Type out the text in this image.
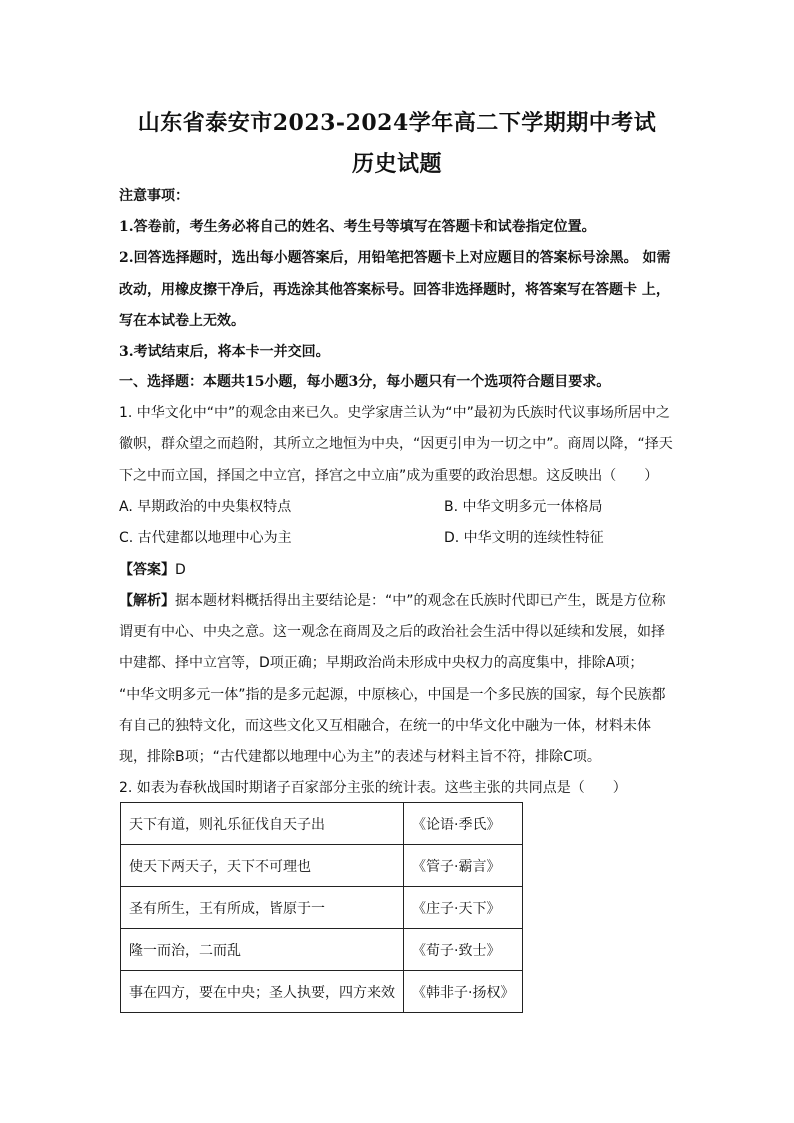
山东省泰安市2023-2024学年高二下学期期中考试
历史试题
注意事项：
1.答卷前，考生务必将自己的姓名、考生号等填写在答题卡和试卷指定位置。
2.回答选择题时，选出每小题答案后，用铅笔把答题卡上对应题目的答案标号涂黑。 如需
改动，用橡皮擦干净后，再选涂其他答案标号。回答非选择题时，将答案写在答题卡 上，
写在本试卷上无效。
3.考试结束后，将本卡一并交回。
一、选择题：本题共15小题，每小题3分，每小题只有一个选项符合题目要求。
1. 中华文化中“中”的观念由来已久。史学家唐兰认为“中”最初为氏族时代议事场所居中之
徽帜，群众望之而趋附，其所立之地恒为中央，“因更引申为一切之中”。商周以降，“择天
下之中而立国，择国之中立宫，择宫之中立庙”成为重要的政治思想。这反映出（　　）
A. 早期政治的中央集权特点	B. 中华文明多元一体格局
C. 古代建都以地理中心为主	D. 中华文明的连续性特征
【答案】D
【解析】据本题材料概括得出主要结论是：“中”的观念在氏族时代即已产生，既是方位称
谓更有中心、中央之意。这一观念在商周及之后的政治社会生活中得以延续和发展，如择
中建都、择中立宫等，D项正确；早期政治尚未形成中央权力的高度集中，排除A项；
“中华文明多元一体”指的是多元起源，中原核心，中国是一个多民族的国家，每个民族都
有自己的独特文化，而这些文化又互相融合，在统一的中华文化中融为一体，材料未体
现，排除B项；“古代建都以地理中心为主”的表述与材料主旨不符，排除C项。
2. 如表为春秋战国时期诸子百家部分主张的统计表。这些主张的共同点是（　　）
天下有道，则礼乐征伐自天子出	《论语·季氏》
使天下两天子，天下不可理也	《管子·霸言》
圣有所生，王有所成，皆原于一	《庄子·天下》
隆一而治，二而乱	《荀子·致士》
事在四方，要在中央；圣人执要，四方来效	《韩非子·扬权》
